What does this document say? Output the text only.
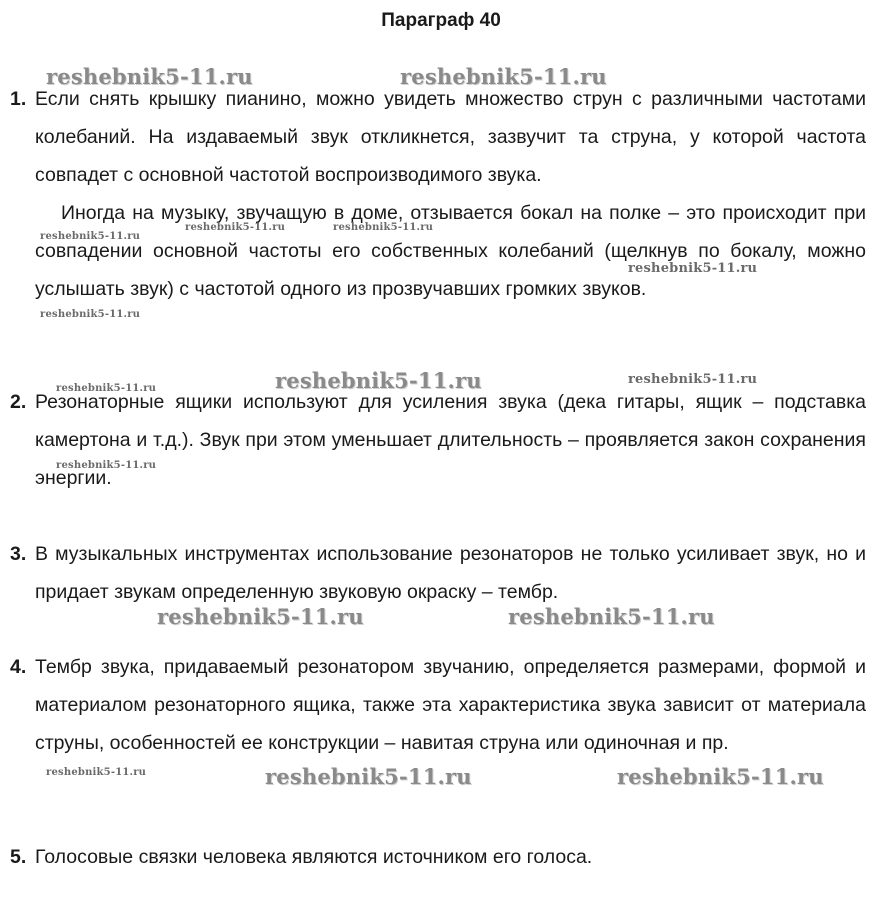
Параграф 40
1. Если снять крышку пианино, можно увидеть множество струн с различными частотами колебаний. На издаваемый звук откликнется, зазвучит та струна, у которой частота совпадет с основной частотой воспроизводимого звука.

Иногда на музыку, звучащую в доме, отзывается бокал на полке – это происходит при совпадении основной частоты его собственных колебаний (щелкнув по бокалу, можно услышать звук) с частотой одного из прозвучавших громких звуков.

2. Резонаторные ящики используют для усиления звука (дека гитары, ящик – подставка камертона и т.д.). Звук при этом уменьшает длительность – проявляется закон сохранения энергии.

3. В музыкальных инструментах использование резонаторов не только усиливает звук, но и придает звукам определенную звуковую окраску – тембр.

4. Тембр звука, придаваемый резонатором звучанию, определяется размерами, формой и материалом резонаторного ящика, также эта характеристика звука зависит от материала струны, особенностей ее конструкции – навитая струна или одиночная и пр.

5. Голосовые связки человека являются источником его голоса.

reshebnik5-11.ru	reshebnik5-11.ru
reshebnik5-11.ru
reshebnik5-11.ru	reshebnik5-11.ru
reshebnik5-11.ru
reshebnik5-11.ru
reshebnik5-11.ru	reshebnik5-11.ru	reshebnik5-11.ru
reshebnik5-11.ru
reshebnik5-11.ru	reshebnik5-11.ru
reshebnik5-11.ru	reshebnik5-11.ru	reshebnik5-11.ru
